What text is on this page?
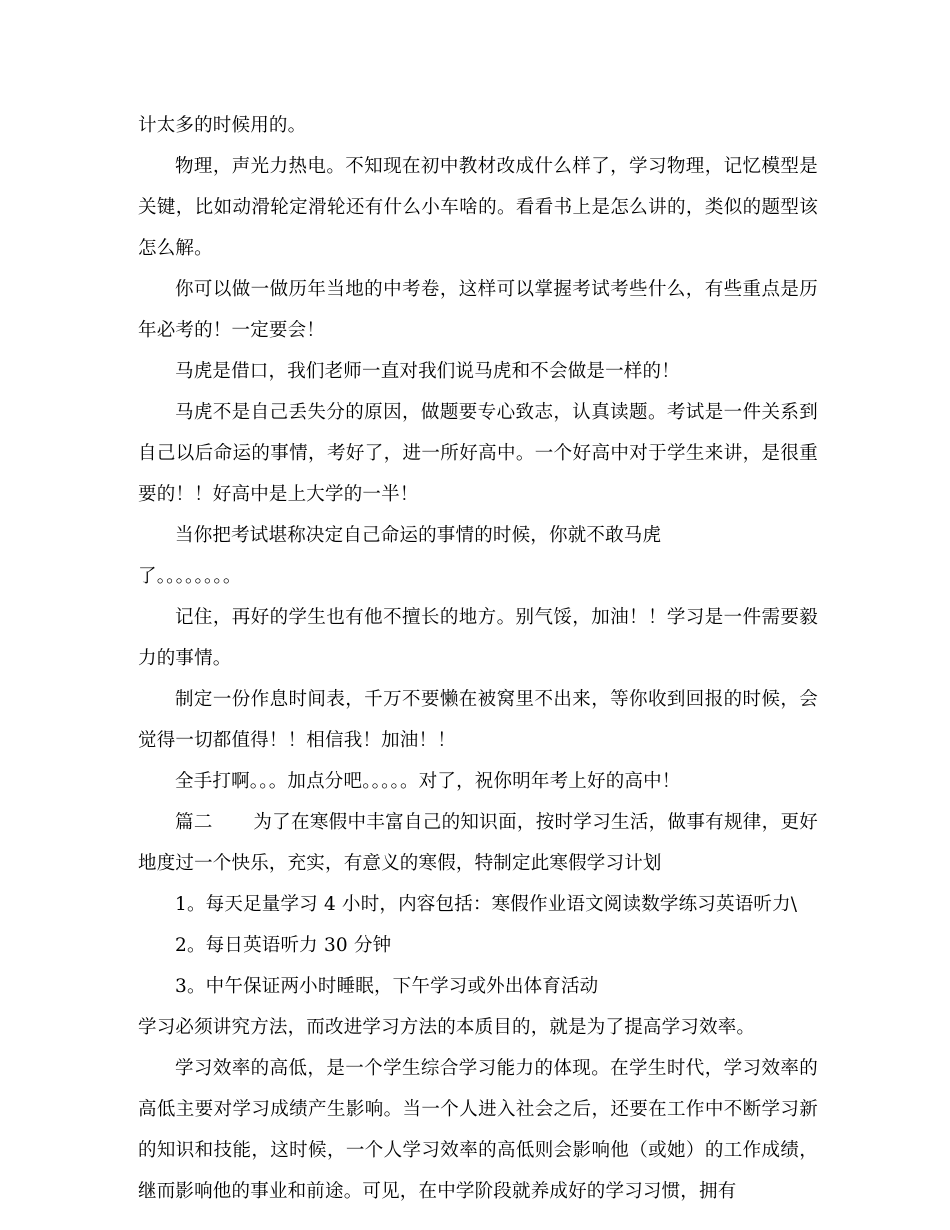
计太多的时候用的。

物理，声光力热电。不知现在初中教材改成什么样了，学习物理，记忆模型是关键，比如动滑轮定滑轮还有什么小车啥的。看看书上是怎么讲的，类似的题型该怎么解。

你可以做一做历年当地的中考卷，这样可以掌握考试考些什么，有些重点是历年必考的！一定要会！

马虎是借口，我们老师一直对我们说马虎和不会做是一样的！

马虎不是自己丢失分的原因，做题要专心致志，认真读题。考试是一件关系到自己以后命运的事情，考好了，进一所好高中。一个好高中对于学生来讲，是很重要的！！好高中是上大学的一半！

当你把考试堪称决定自己命运的事情的时候，你就不敢马虎

了。。。。。。。。

记住，再好的学生也有他不擅长的地方。别气馁，加油！！学习是一件需要毅力的事情。

制定一份作息时间表，千万不要懒在被窝里不出来，等你收到回报的时候，会觉得一切都值得！！相信我！加油！！

全手打啊。。。加点分吧。。。。。对了，祝你明年考上好的高中！

篇二 为了在寒假中丰富自己的知识面，按时学习生活，做事有规律，更好地度过一个快乐，充实，有意义的寒假，特制定此寒假学习计划

1。每天足量学习 4 小时，内容包括：寒假作业语文阅读数学练习英语听力\

2。每日英语听力 30 分钟

3。中午保证两小时睡眠，下午学习或外出体育活动

学习必须讲究方法，而改进学习方法的本质目的，就是为了提高学习效率。

学习效率的高低，是一个学生综合学习能力的体现。在学生时代，学习效率的高低主要对学习成绩产生影响。当一个人进入社会之后，还要在工作中不断学习新的知识和技能，这时候，一个人学习效率的高低则会影响他（或她）的工作成绩，继而影响他的事业和前途。可见，在中学阶段就养成好的学习习惯，拥有
